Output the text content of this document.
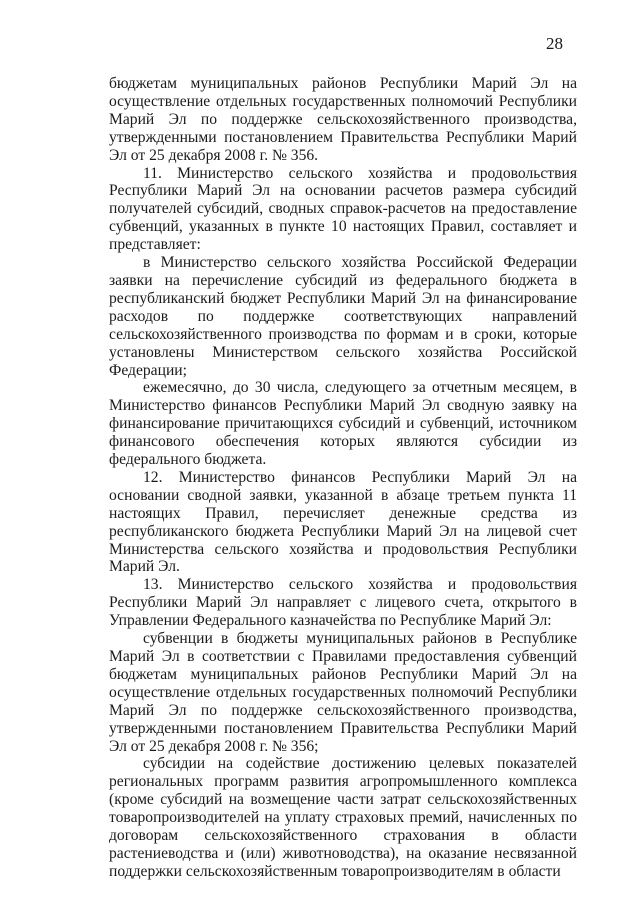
28

бюджетам муниципальных районов Республики Марий Эл на осуществление отдельных государственных полномочий Республики Марий Эл по поддержке сельскохозяйственного производства, утвержденными постановлением Правительства Республики Марий Эл от 25 декабря 2008 г. № 356.

11. Министерство сельского хозяйства и продовольствия Республики Марий Эл на основании расчетов размера субсидий получателей субсидий, сводных справок-расчетов на предоставление субвенций, указанных в пункте 10 настоящих Правил, составляет и представляет:

в Министерство сельского хозяйства Российской Федерации заявки на перечисление субсидий из федерального бюджета в республиканский бюджет Республики Марий Эл на финансирование расходов по поддержке соответствующих направлений сельскохозяйственного производства по формам и в сроки, которые установлены Министерством сельского хозяйства Российской Федерации;

ежемесячно, до 30 числа, следующего за отчетным месяцем, в Министерство финансов Республики Марий Эл сводную заявку на финансирование причитающихся субсидий и субвенций, источником финансового обеспечения которых являются субсидии из федерального бюджета.

12. Министерство финансов Республики Марий Эл на основании сводной заявки, указанной в абзаце третьем пункта 11 настоящих Правил, перечисляет денежные средства из республиканского бюджета Республики Марий Эл на лицевой счет Министерства сельского хозяйства и продовольствия Республики Марий Эл.

13. Министерство сельского хозяйства и продовольствия Республики Марий Эл направляет с лицевого счета, открытого в Управлении Федерального казначейства по Республике Марий Эл:

субвенции в бюджеты муниципальных районов в Республике Марий Эл в соответствии с Правилами предоставления субвенций бюджетам муниципальных районов Республики Марий Эл на осуществление отдельных государственных полномочий Республики Марий Эл по поддержке сельскохозяйственного производства, утвержденными постановлением Правительства Республики Марий Эл от 25 декабря 2008 г. № 356;

субсидии на содействие достижению целевых показателей региональных программ развития агропромышленного комплекса (кроме субсидий на возмещение части затрат сельскохозяйственных товаропроизводителей на уплату страховых премий, начисленных по договорам сельскохозяйственного страхования в области растениеводства и (или) животноводства), на оказание несвязанной поддержки сельскохозяйственным товаропроизводителям в области
